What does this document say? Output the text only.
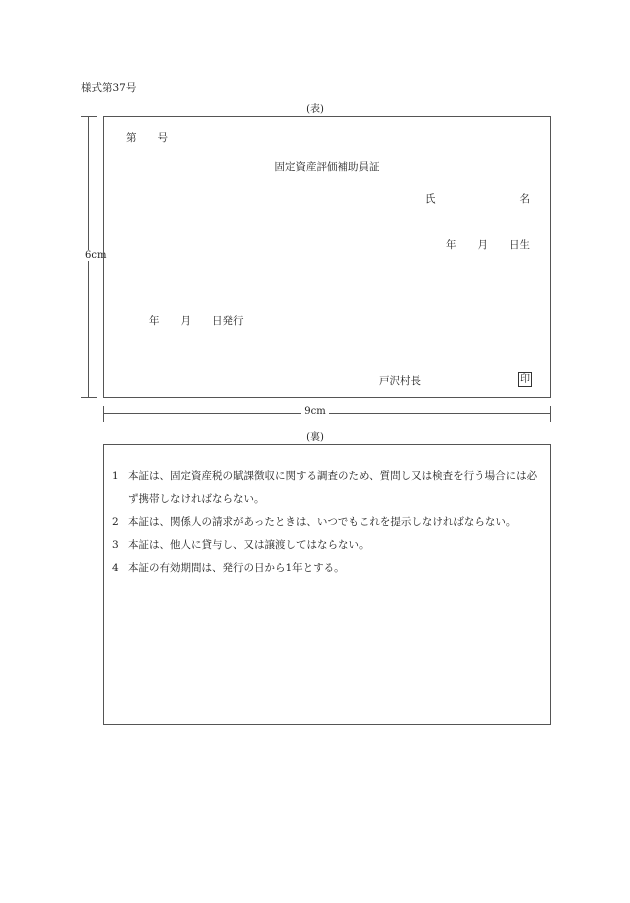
様式第37号
(表)
6cm
第　　号
固定資産評価補助員証
氏　　　　　　　　名
年　　月　　日生
年　　月　　日発行
戸沢村長	印
9cm
(裏)
1 本証は、固定資産税の賦課徴収に関する調査のため、質問し又は検査を行う場合には必ず携帯しなければならない。
2 本証は、関係人の請求があったときは、いつでもこれを提示しなければならない。
3 本証は、他人に貸与し、又は譲渡してはならない。
4 本証の有効期間は、発行の日から1年とする。
